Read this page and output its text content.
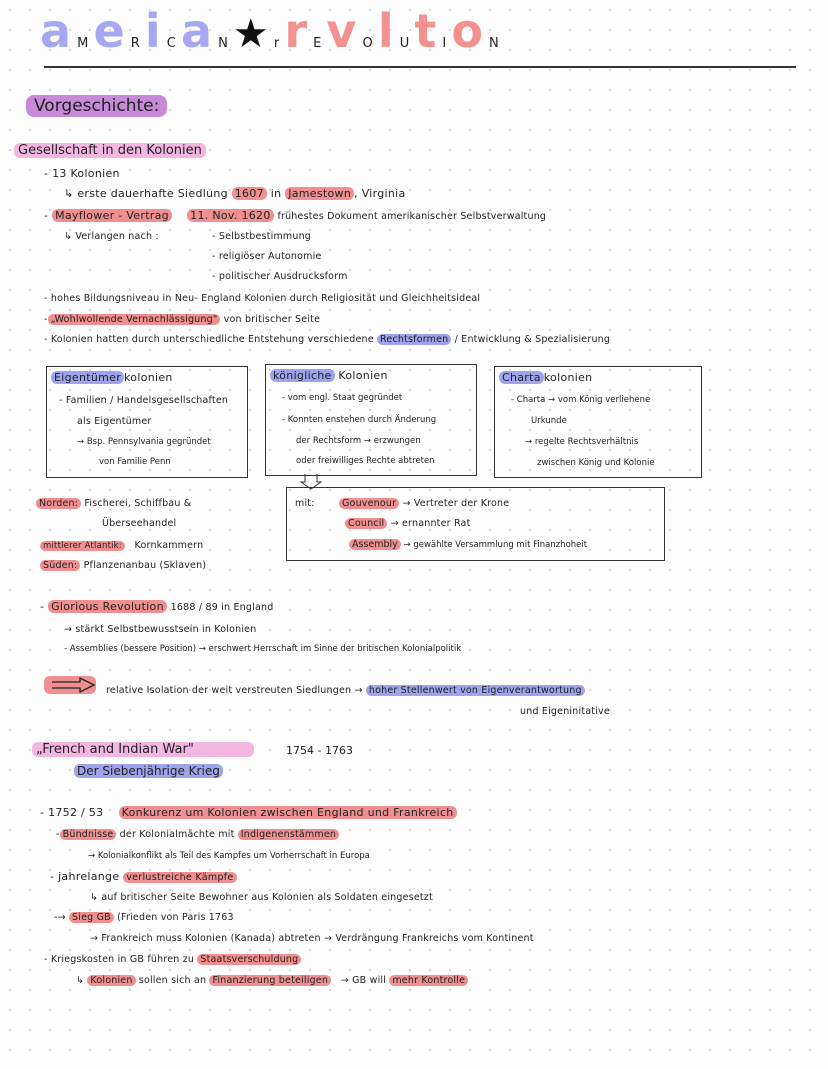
a M e R i C a N ★ r r E v O l U t I o N
Vorgeschichte:
Gesellschaft in den Kolonien
- 13 Kolonien
↳ erste dauerhafte Siedlung 1607 in Jamestown , Virginia
- Mayflower - Vertrag 11. Nov. 1620 frühestes Dokument amerikanischer Selbstverwaltung
↳ Verlangen nach :	- Selbstbestimmung
- religiöser Autonomie
- politischer Ausdrucksform
- hohes Bildungsniveau in Neu- England Kolonien durch Religiosität und Gleichheitsideal
- „Wohlwollende Vernachlässigung" von britischer Seite
- Kolonien hatten durch unterschiedliche Entstehung verschiedene Rechtsformen / Entwicklung & Spezialisierung
Eigentümer kolonien
- Familien / Handelsgesellschaften
als Eigentümer
→ Bsp. Pennsylvania gegründet
von Familie Penn
königliche Kolonien
- vom engl. Staat gegründet
- Konnten enstehen durch Änderung
der Rechtsform → erzwungen
oder freiwilliges Rechte abtreten
Charta kolonien
- Charta → vom König verliehene
Urkunde
→ regelte Rechtsverhältnis
zwischen König und Kolonie
mit:	Gouvenour → Vertreter der Krone
Council → ernannter Rat
Assembly → gewählte Versammlung mit Finanzhoheit
Norden: Fischerei, Schiffbau &
Überseehandel
mittlerer Atlantik: Kornkammern
Süden: Pflanzenanbau (Sklaven)
- Glorious Revolution 1688 / 89 in England
→ stärkt Selbstbewusstsein in Kolonien
- Assemblies (bessere Position) → erschwert Herrschaft im Sinne der britischen Kolonialpolitik
relative Isolation der weit verstreuten Siedlungen → hoher Stellenwert von Eigenverantwortung
und Eigeninitative
„French and Indian War"	1754 - 1763
Der Siebenjährige Krieg
- 1752 / 53 Konkurenz um Kolonien zwischen England und Frankreich
- Bündnisse der Kolonialmächte mit Indigenenstämmen
→ Kolonialkonflikt als Teil des Kampfes um Vorherrschaft in Europa
- jahrelange verlustreiche Kämpfe
↳ auf britischer Seite Bewohner aus Kolonien als Soldaten eingesetzt
-→ Sieg GB (Frieden von Paris 1763
→ Frankreich muss Kolonien (Kanada) abtreten → Verdrängung Frankreichs vom Kontinent
- Kriegskosten in GB führen zu Staatsverschuldung
↳ Kolonien sollen sich an Finanzierung beteiligen → GB will mehr Kontrolle
